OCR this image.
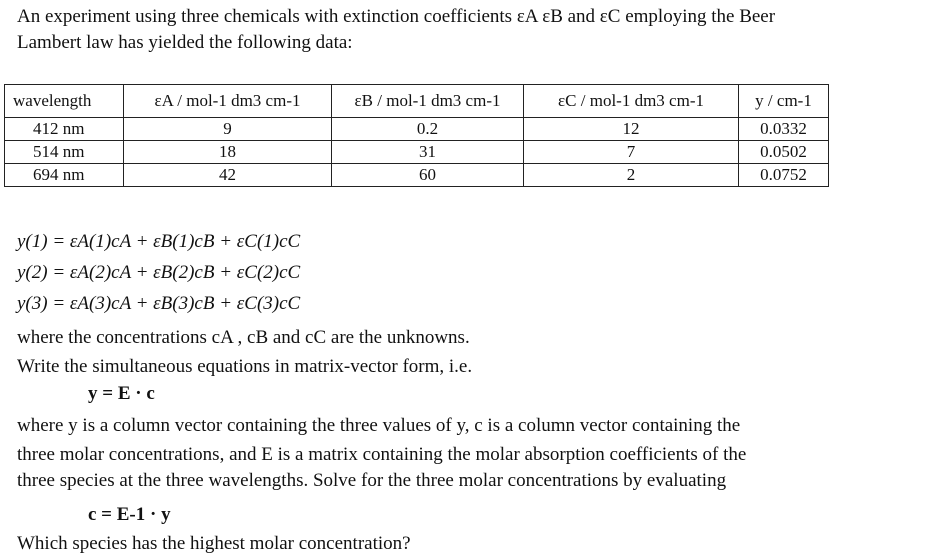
An experiment using three chemicals with extinction coefficients εA εB and εC employing the Beer
Lambert law has yielded the following data:
wavelength	εA / mol-1 dm3 cm-1	εB / mol-1 dm3 cm-1	εC / mol-1 dm3 cm-1	y / cm-1
412 nm	9	0.2	12	0.0332
514 nm	18	31	7	0.0502
694 nm	42	60	2	0.0752
y(1) = εA(1)cA + εB(1)cB + εC(1)cC
y(2) = εA(2)cA + εB(2)cB + εC(2)cC
y(3) = εA(3)cA + εB(3)cB + εC(3)cC
where the concentrations cA , cB and cC are the unknowns.
Write the simultaneous equations in matrix-vector form, i.e.
y = E · c
where y is a column vector containing the three values of y, c is a column vector containing the
three molar concentrations, and E is a matrix containing the molar absorption coefficients of the
three species at the three wavelengths. Solve for the three molar concentrations by evaluating
c = E-1 · y
Which species has the highest molar concentration?
